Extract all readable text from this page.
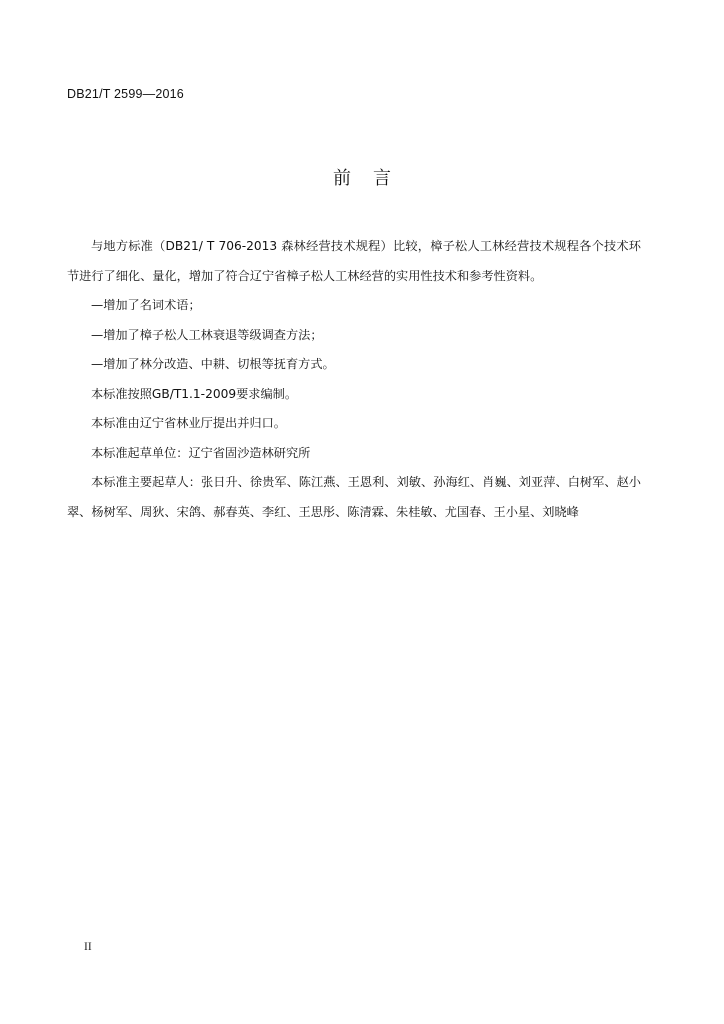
DB21/T 2599—2016
前言

与地方标准（DB21/ T 706-2013 森林经营技术规程）比较，樟子松人工林经营技术规程各个技术环节进行了细化、量化，增加了符合辽宁省樟子松人工林经营的实用性技术和参考性资料。

—增加了名词术语；

—增加了樟子松人工林衰退等级调查方法；

—增加了林分改造、中耕、切根等抚育方式。

本标准按照GB/T1.1-2009要求编制。

本标准由辽宁省林业厅提出并归口。

本标准起草单位：辽宁省固沙造林研究所

本标准主要起草人：张日升、徐贵军、陈江燕、王恩利、刘敏、孙海红、肖巍、刘亚萍、白树军、赵小翠、杨树军、周狄、宋鸽、郝春英、李红、王思彤、陈清霖、朱桂敏、尤国春、王小星、刘晓峰

II
